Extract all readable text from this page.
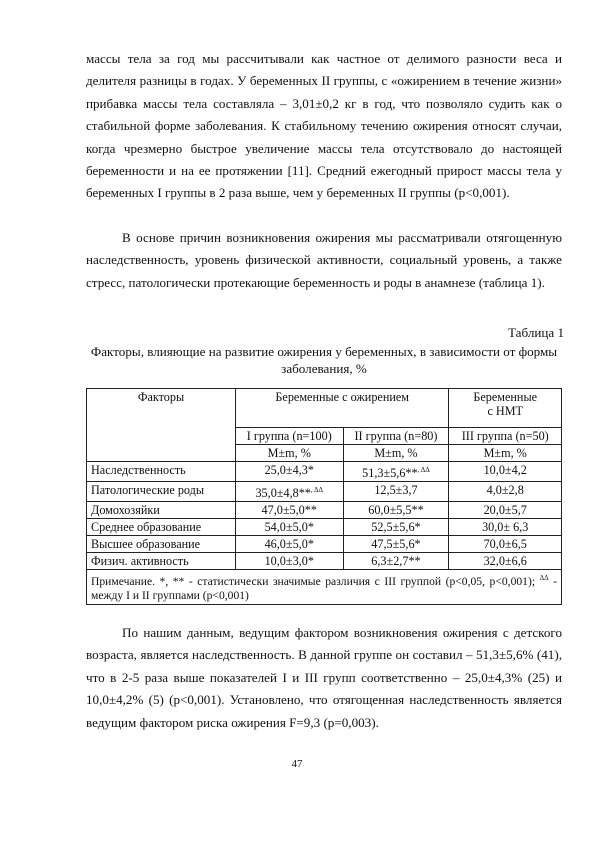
массы тела за год мы рассчитывали как частное от делимого разности веса и делителя разницы в годах. У беременных II группы, с «ожирением в течение жизни» прибавка массы тела составляла – 3,01±0,2 кг в год, что позволяло судить как о стабильной форме заболевания. К стабильному течению ожирения относят случаи, когда чрезмерно быстрое увеличение массы тела отсутствовало до настоящей беременности и на ее протяжении [11]. Средний ежегодный прирост массы тела у беременных I группы в 2 раза выше, чем у беременных II группы (р<0,001).

В основе причин возникновения ожирения мы рассматривали отягощенную наследственность, уровень физической активности, социальный уровень, а также стресс, патологически протекающие беременность и роды в анамнезе (таблица 1).

Таблица 1

Факторы, влияющие на развитие ожирения у беременных, в зависимости от формы заболевания, %

Факторы	Беременные с ожирением		Беременные
с НМТ
	I группа (n=100)	II группа (n=80)	III группа (n=50)
	М±m, %	М±m, %	М±m, %
Наследственность	25,0±4,3*	51,3±5,6**$^{, \Delta\Delta}$	10,0±4,2
Патологические роды	35,0±4,8**$^{, \Delta\Delta}$	12,5±3,7	4,0±2,8
Домохозяйки	47,0±5,0**	60,0±5,5**	20,0±5,7
Среднее образование	54,0±5,0*	52,5±5,6*	30,0± 6,3
Высшее образование	46,0±5,0*	47,5±5,6*	70,0±6,5
Физич. активность	10,0±3,0*	6,3±2,7**	32,0±6,6
Примечание. *, ** - статистически значимые различия с III группой (р<0,05, р<0,001); $^{\Delta\Delta}$ - между I и II группами (р<0,001)			

По нашим данным, ведущим фактором возникновения ожирения с детского возраста, является наследственность. В данной группе он составил – 51,3±5,6% (41), что в 2-5 раза выше показателей I и III групп соответственно – 25,0±4,3% (25) и 10,0±4,2% (5) (р<0,001). Установлено, что отягощенная наследственность является ведущим фактором риска ожирения F=9,3 (р=0,003).

47
